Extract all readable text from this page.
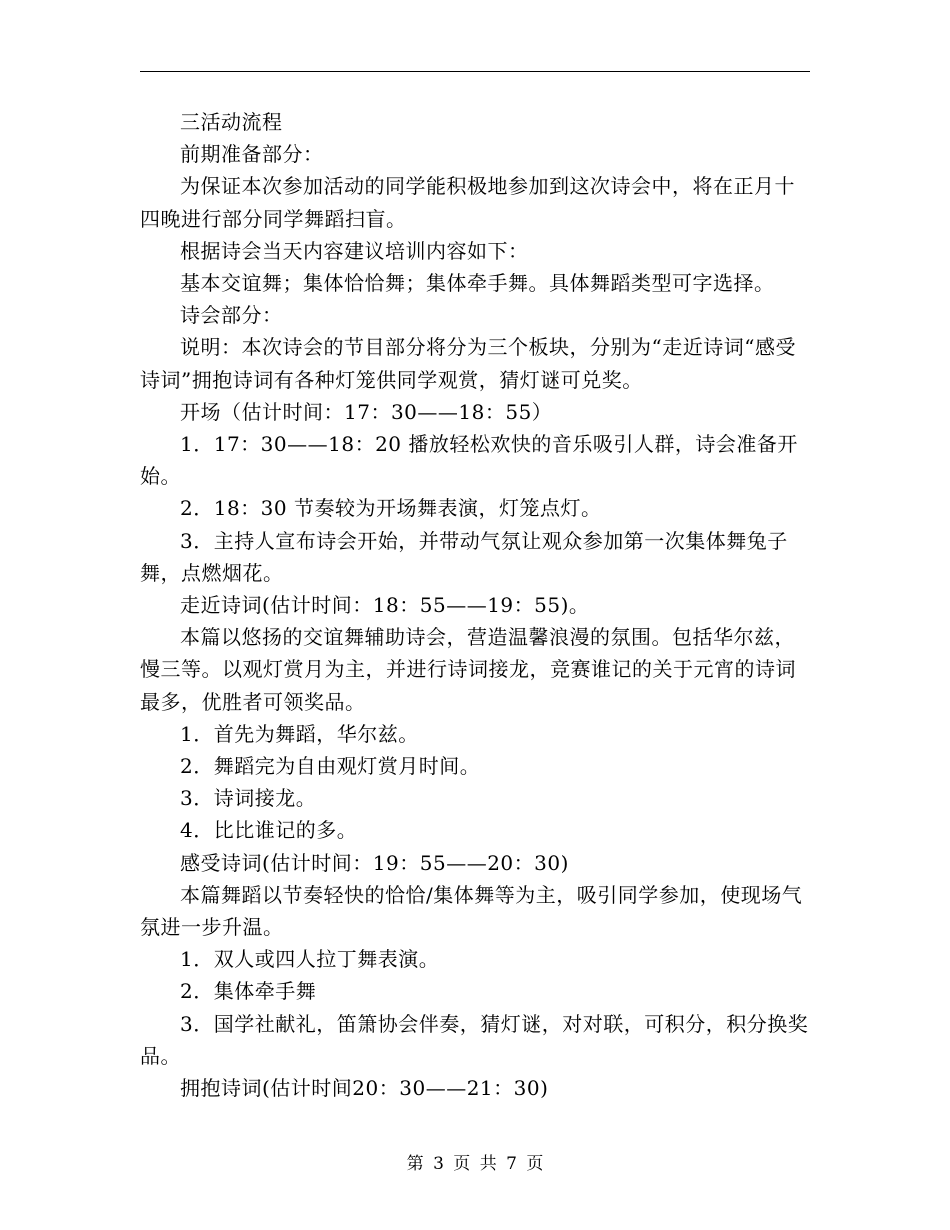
三活动流程

前期准备部分：

为保证本次参加活动的同学能积极地参加到这次诗会中，将在正月十四晚进行部分同学舞蹈扫盲。

根据诗会当天内容建议培训内容如下：

基本交谊舞；集体恰恰舞；集体牵手舞。具体舞蹈类型可字选择。

诗会部分：

说明：本次诗会的节目部分将分为三个板块，分别为“走近诗词“感受诗词”拥抱诗词有各种灯笼供同学观赏，猜灯谜可兑奖。

开场（估计时间：17：30——18：55）

1．17：30——18：20 播放轻松欢快的音乐吸引人群，诗会准备开始。

2．18：30 节奏较为开场舞表演，灯笼点灯。

3．主持人宣布诗会开始，并带动气氛让观众参加第一次集体舞兔子舞，点燃烟花。

走近诗词(估计时间：18：55——19：55)。

本篇以悠扬的交谊舞辅助诗会，营造温馨浪漫的氛围。包括华尔兹，慢三等。以观灯赏月为主，并进行诗词接龙，竞赛谁记的关于元宵的诗词最多，优胜者可领奖品。

1．首先为舞蹈，华尔兹。

2．舞蹈完为自由观灯赏月时间。

3．诗词接龙。

4．比比谁记的多。

感受诗词(估计时间：19：55——20：30)

本篇舞蹈以节奏轻快的恰恰/集体舞等为主，吸引同学参加，使现场气氛进一步升温。

1．双人或四人拉丁舞表演。

2．集体牵手舞

3．国学社献礼，笛箫协会伴奏，猜灯谜，对对联，可积分，积分换奖品。

拥抱诗词(估计时间20：30——21：30)

第 3 页 共 7 页
